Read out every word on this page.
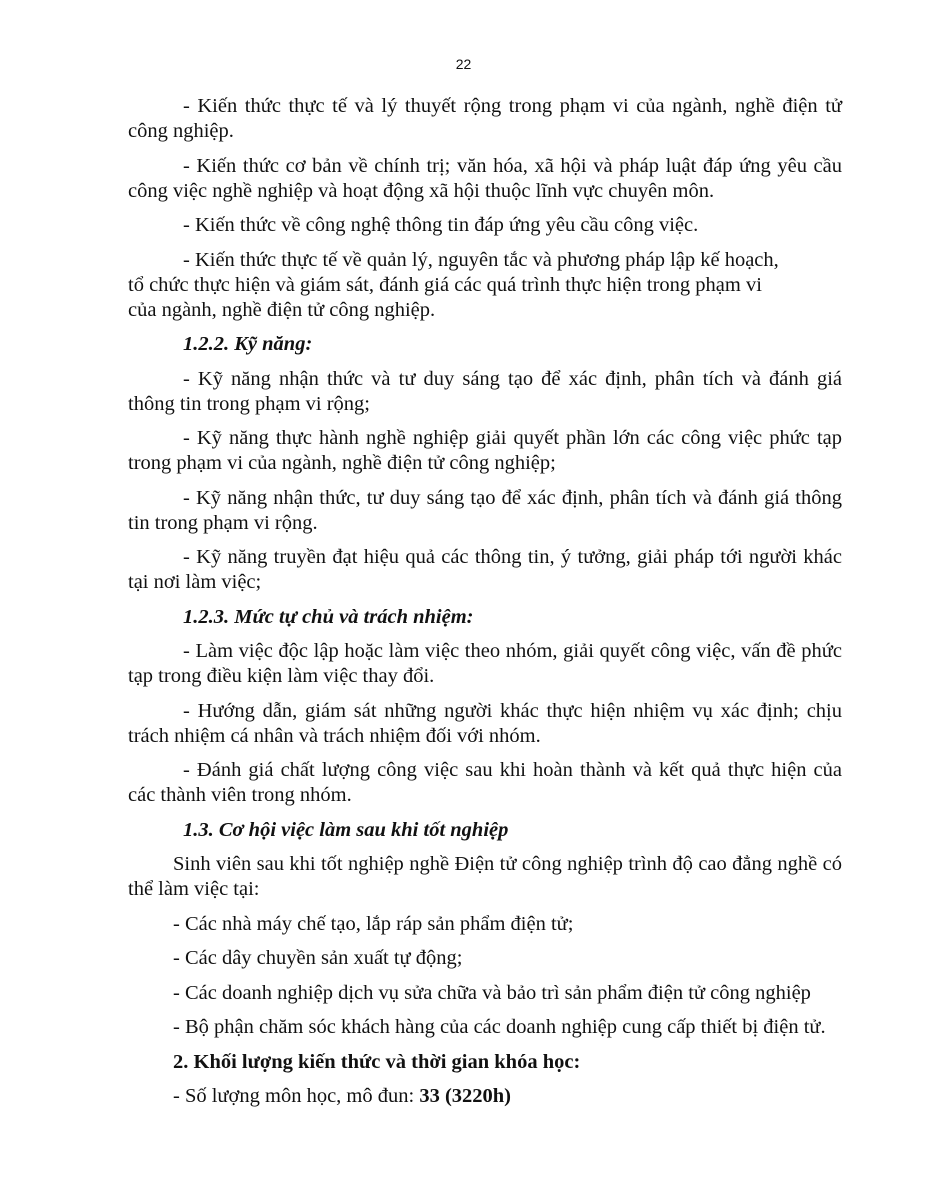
22

- Kiến thức thực tế và lý thuyết rộng trong phạm vi của ngành, nghề điện tử công nghiệp.

- Kiến thức cơ bản về chính trị; văn hóa, xã hội và pháp luật đáp ứng yêu cầu công việc nghề nghiệp và hoạt động xã hội thuộc lĩnh vực chuyên môn.

- Kiến thức về công nghệ thông tin đáp ứng yêu cầu công việc.

- Kiến thức thực tế về quản lý, nguyên tắc và phương pháp lập kế hoạch,
tổ chức thực hiện và giám sát, đánh giá các quá trình thực hiện trong phạm vi
của ngành, nghề điện tử công nghiệp.

1.2.2. Kỹ năng:

- Kỹ năng nhận thức và tư duy sáng tạo để xác định, phân tích và đánh giá thông tin trong phạm vi rộng;

- Kỹ năng thực hành nghề nghiệp giải quyết phần lớn các công việc phức tạp trong phạm vi của ngành, nghề điện tử công nghiệp;

- Kỹ năng nhận thức, tư duy sáng tạo để xác định, phân tích và đánh giá thông tin trong phạm vi rộng.

- Kỹ năng truyền đạt hiệu quả các thông tin, ý tưởng, giải pháp tới người khác tại nơi làm việc;

1.2.3. Mức tự chủ và trách nhiệm:

- Làm việc độc lập hoặc làm việc theo nhóm, giải quyết công việc, vấn đề phức tạp trong điều kiện làm việc thay đổi.

- Hướng dẫn, giám sát những người khác thực hiện nhiệm vụ xác định; chịu trách nhiệm cá nhân và trách nhiệm đối với nhóm.

- Đánh giá chất lượng công việc sau khi hoàn thành và kết quả thực hiện của các thành viên trong nhóm.

1.3. Cơ hội việc làm sau khi tốt nghiệp

Sinh viên sau khi tốt nghiệp nghề Điện tử công nghiệp trình độ cao đẳng nghề có thể làm việc tại:

- Các nhà máy chế tạo, lắp ráp sản phẩm điện tử;

- Các dây chuyền sản xuất tự động;

- Các doanh nghiệp dịch vụ sửa chữa và bảo trì sản phẩm điện tử công nghiệp

- Bộ phận chăm sóc khách hàng của các doanh nghiệp cung cấp thiết bị điện tử.

2. Khối lượng kiến thức và thời gian khóa học:

- Số lượng môn học, mô đun: 33 (3220h)
